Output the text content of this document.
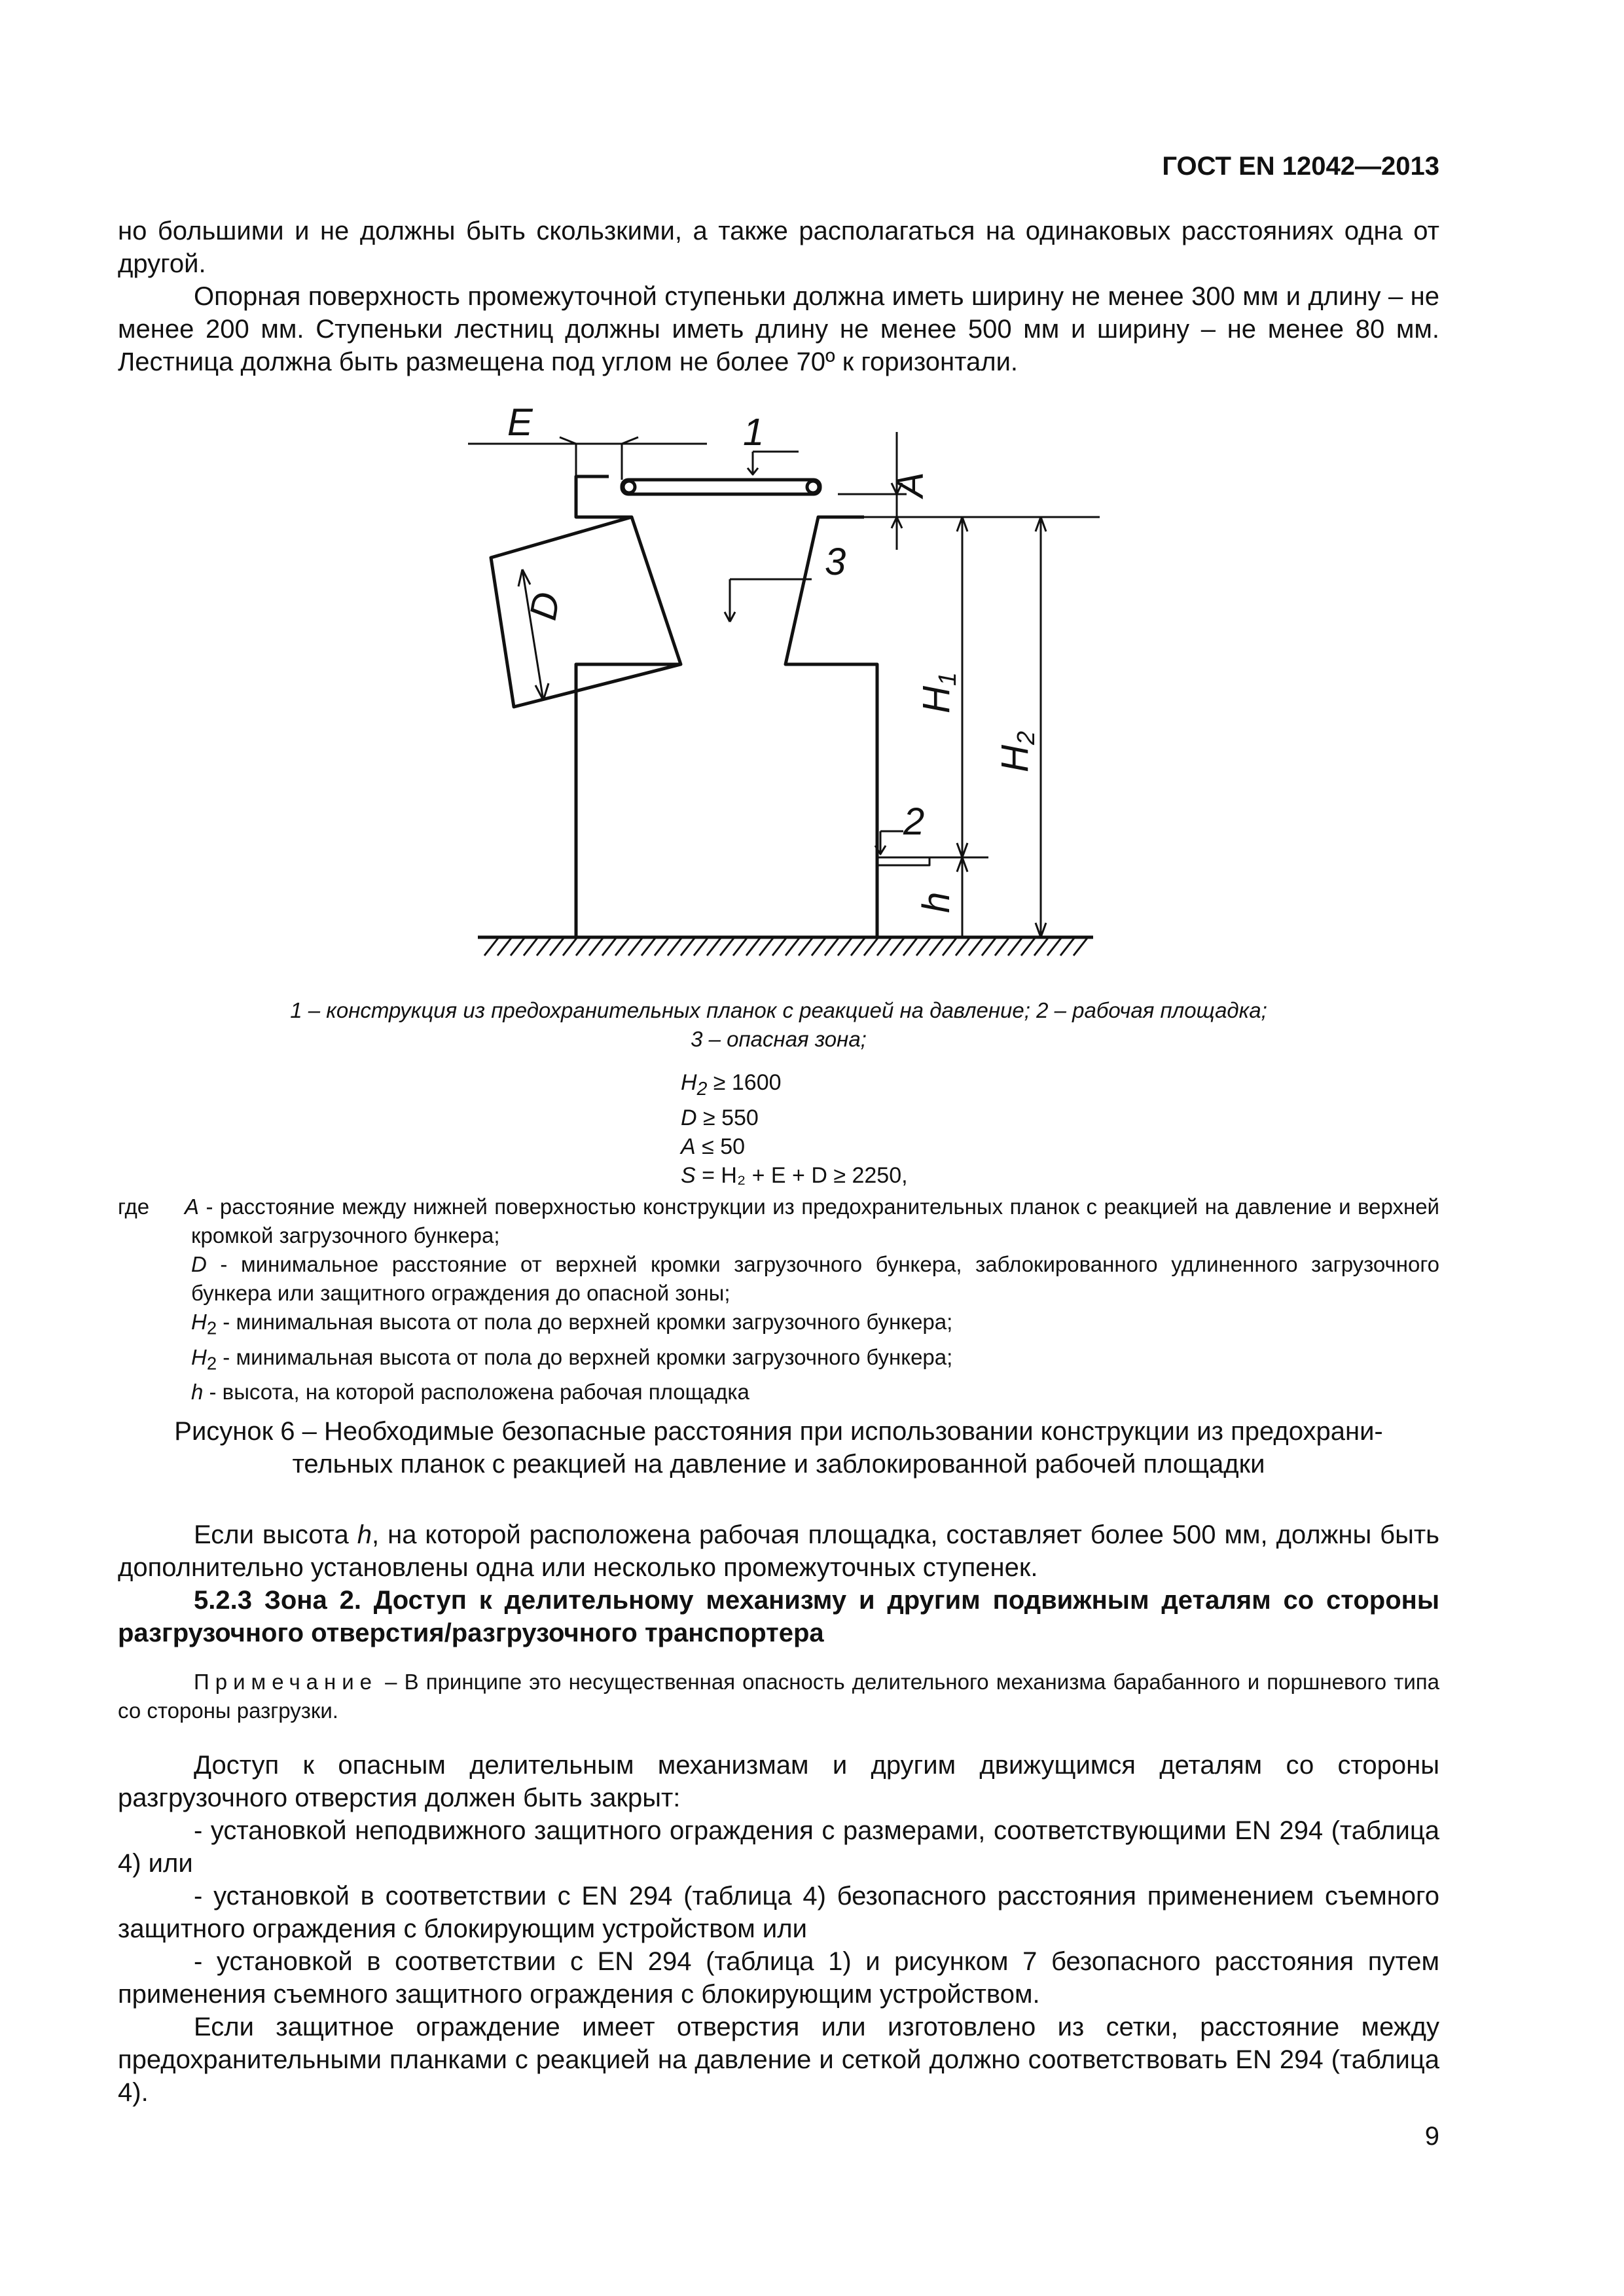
ГОСТ EN 12042—2013

но большими и не должны быть скользкими, а также располагаться на одинаковых расстояниях одна от другой.

Опорная поверхность промежуточной ступеньки должна иметь ширину не менее 300 мм и длину – не менее 200 мм. Ступеньки лестниц должны иметь длину не менее 500 мм и ширину – не менее 80 мм. Лестница должна быть размещена под углом не более 70º к горизонтали.

E	1
A
D
3
2
H1
H2
h
1 – конструкция из предохранительных планок с реакцией на давление; 2 – рабочая площадка;
3 – опасная зона;
$H_2 \ge 1600$
D ≥ 550
A ≤ 50
S = H₂ + E + D ≥ 2250,
где A - расстояние между нижней поверхностью конструкции из предохранительных планок с реакцией на давление и верхней кромкой загрузочного бункера;
D - минимальное расстояние от верхней кромки загрузочного бункера, заблокированного удлиненного загрузочного бункера или защитного ограждения до опасной зоны;
$H_2$ - минимальная высота от пола до верхней кромки загрузочного бункера;
$H_2$ - минимальная высота от пола до верхней кромки загрузочного бункера;
h - высота, на которой расположена рабочая площадка
Рисунок 6 – Необходимые безопасные расстояния при использовании конструкции из предохрани-
тельных планок с реакцией на давление и заблокированной рабочей площадки

Если высота h, на которой расположена рабочая площадка, составляет более 500 мм, должны быть дополнительно установлены одна или несколько промежуточных ступенек.

5.2.3 Зона 2. Доступ к делительному механизму и другим подвижным деталям со стороны разгрузочного отверстия/разгрузочного транспортера

Примечание – В принципе это несущественная опасность делительного механизма барабанного и поршневого типа со стороны разгрузки.

Доступ к опасным делительным механизмам и другим движущимся деталям со стороны разгрузочного отверстия должен быть закрыт:

- установкой неподвижного защитного ограждения с размерами, соответствующими EN 294 (таблица 4) или

- установкой в соответствии с EN 294 (таблица 4) безопасного расстояния применением съемного защитного ограждения с блокирующим устройством или

- установкой в соответствии с EN 294 (таблица 1) и рисунком 7 безопасного расстояния путем применения съемного защитного ограждения с блокирующим устройством.

Если защитное ограждение имеет отверстия или изготовлено из сетки, расстояние между предохранительными планками с реакцией на давление и сеткой должно соответствовать EN 294 (таблица 4).

9
